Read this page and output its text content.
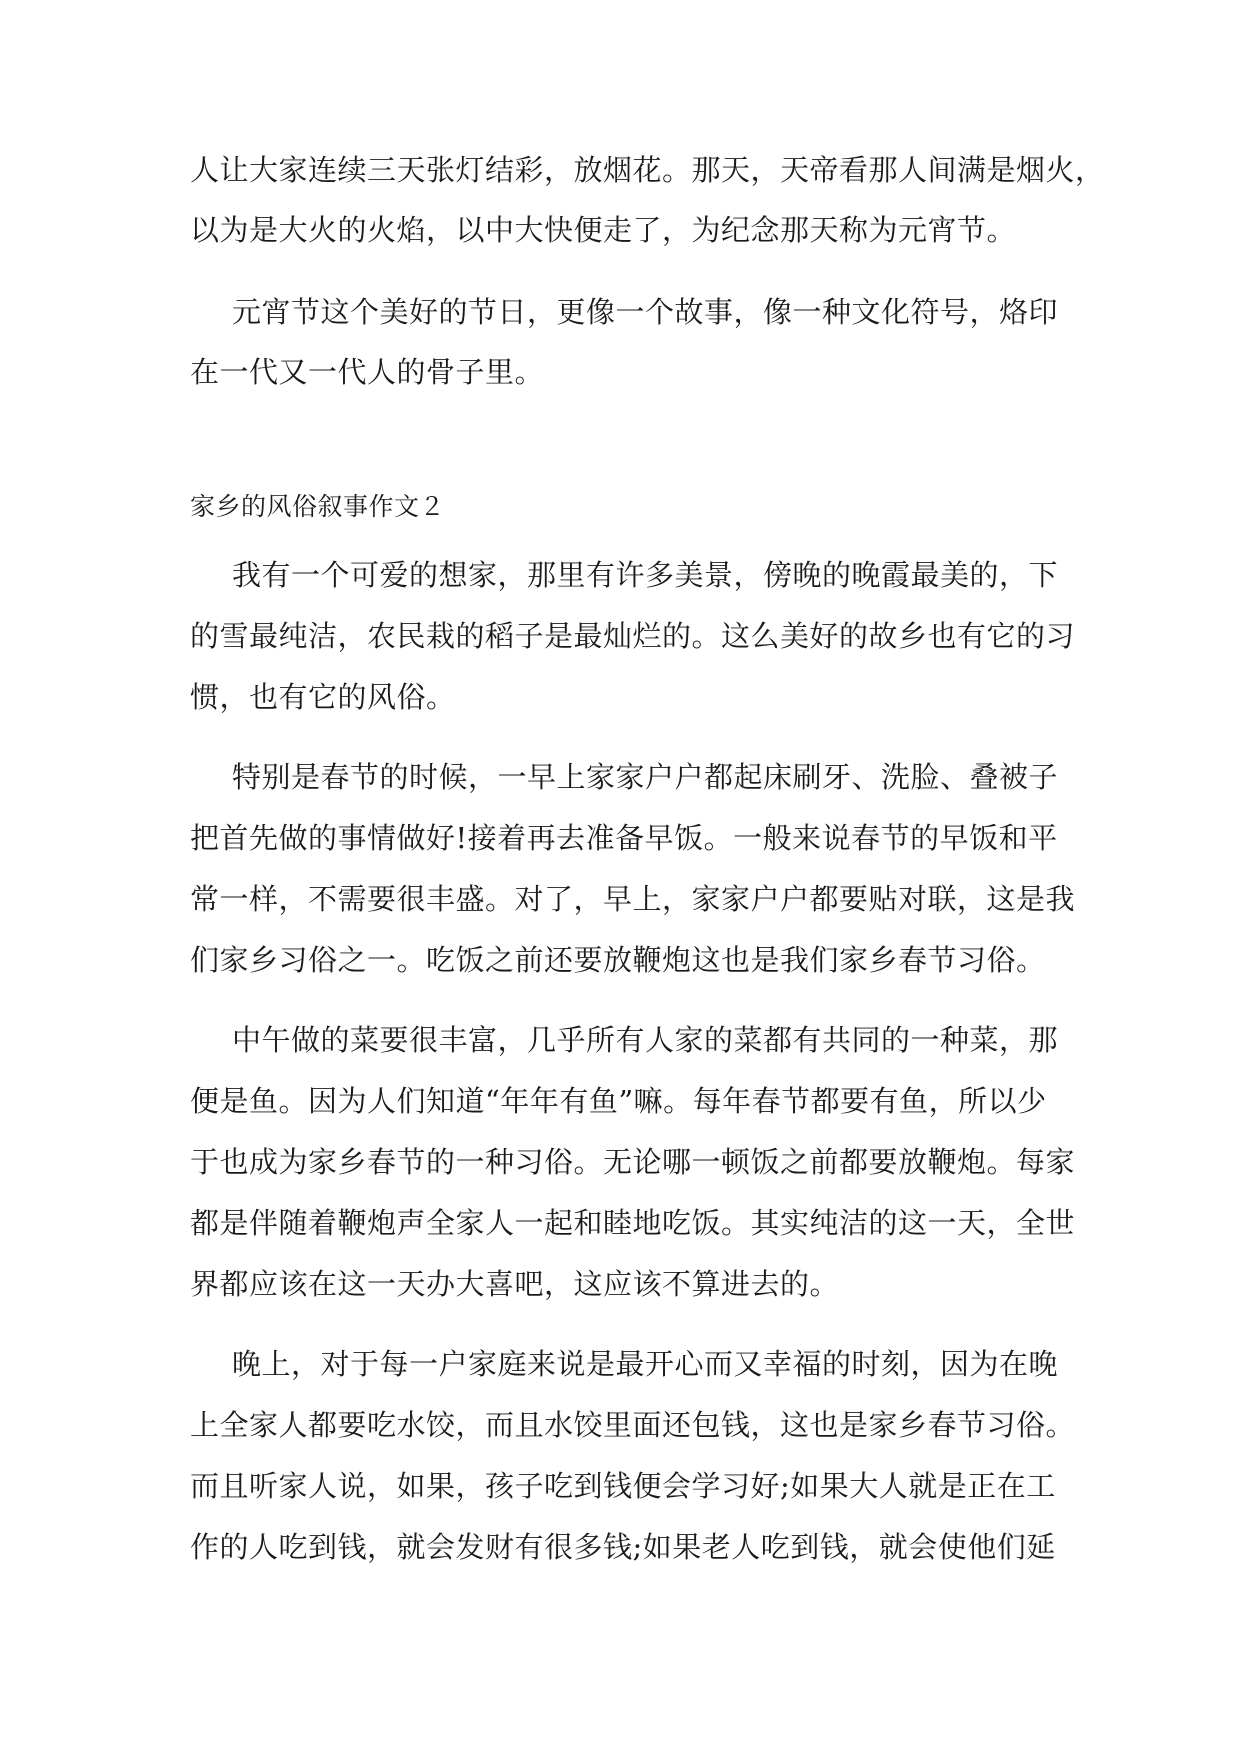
人让大家连续三天张灯结彩，放烟花。那天，天帝看那人间满是烟火，
以为是大火的火焰，以中大快便走了，为纪念那天称为元宵节。
元宵节这个美好的节日，更像一个故事，像一种文化符号，烙印
在一代又一代人的骨子里。
家乡的风俗叙事作文２
我有一个可爱的想家，那里有许多美景，傍晚的晚霞最美的，下
的雪最纯洁，农民栽的稻子是最灿烂的。这么美好的故乡也有它的习
惯，也有它的风俗。
特别是春节的时候，一早上家家户户都起床刷牙、洗脸、叠被子
把首先做的事情做好!接着再去准备早饭。一般来说春节的早饭和平
常一样，不需要很丰盛。对了，早上，家家户户都要贴对联，这是我
们家乡习俗之一。吃饭之前还要放鞭炮这也是我们家乡春节习俗。
中午做的菜要很丰富，几乎所有人家的菜都有共同的一种菜，那
便是鱼。因为人们知道“年年有鱼”嘛。每年春节都要有鱼，所以少
于也成为家乡春节的一种习俗。无论哪一顿饭之前都要放鞭炮。每家
都是伴随着鞭炮声全家人一起和睦地吃饭。其实纯洁的这一天，全世
界都应该在这一天办大喜吧，这应该不算进去的。
晚上，对于每一户家庭来说是最开心而又幸福的时刻，因为在晚
上全家人都要吃水饺，而且水饺里面还包钱，这也是家乡春节习俗。
而且听家人说，如果，孩子吃到钱便会学习好;如果大人就是正在工
作的人吃到钱，就会发财有很多钱;如果老人吃到钱，就会使他们延
